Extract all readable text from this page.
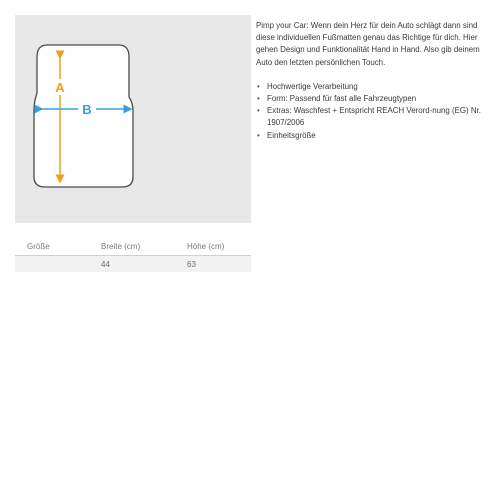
A
B

Pimp your Car: Wenn dein Herz für dein Auto schlägt dann sind diese individuellen Fußmatten genau das Richtige für dich. Hier gehen Design und Funktionalität Hand in Hand. Also gib deinem Auto den letzten persönlichen Touch.

• Hochwertige Verarbeitung
• Form: Passend für fast alle Fahrzeugtypen
• Extras: Waschfest + Entspricht REACH Verord-nung (EG) Nr. 1907/2006
• Einheitsgröße
Größe	Breite (cm)	Höhe (cm)
	44	63
